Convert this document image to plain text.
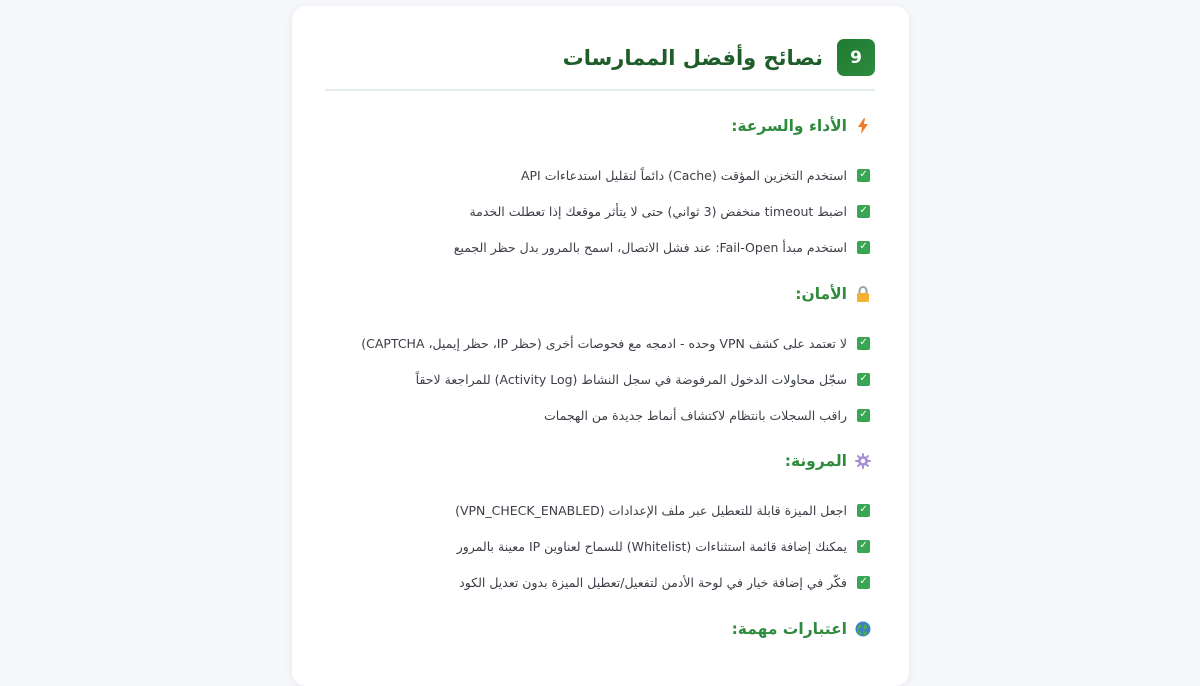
9
نصائح وأفضل الممارسات
الأداء والسرعة:
✓
استخدم التخزين المؤقت (Cache) دائماً لتقليل استدعاءات API
✓
اضبط timeout منخفض (3 ثواني) حتى لا يتأثر موقعك إذا تعطلت الخدمة
✓
استخدم مبدأ Fail-Open: عند فشل الاتصال، اسمح بالمرور بدل حظر الجميع
الأمان:
✓
لا تعتمد على كشف VPN وحده - ادمجه مع فحوصات أخرى (حظر IP، حظر إيميل، CAPTCHA)
✓
سجّل محاولات الدخول المرفوضة في سجل النشاط (Activity Log) للمراجعة لاحقاً
✓
راقب السجلات بانتظام لاكتشاف أنماط جديدة من الهجمات
المرونة:
✓
اجعل الميزة قابلة للتعطيل عبر ملف الإعدادات (VPN_CHECK_ENABLED)
✓
يمكنك إضافة قائمة استثناءات (Whitelist) للسماح لعناوين IP معينة بالمرور
✓
فكّر في إضافة خيار في لوحة الأدمن لتفعيل/تعطيل الميزة بدون تعديل الكود
اعتبارات مهمة:
